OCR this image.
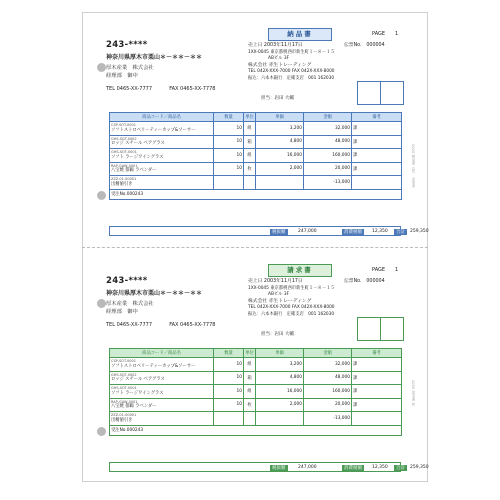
243-****
神奈川県厚木市栗山＊－＊＊－＊＊
厚木産業　株式会社
経理部　御中
TEL 0465-XX-7777	FAX 0465-XX-7778
納品書	PAGE　　1
売上日 2003年11月17日	伝票No.　000004
1XX-0045 東京都桃西市新生町１－８－１５
ABビル 3F
株式会社 赤生トレーディング
TEL 042X-XXX-7000 FAX 042X-XXX-8000
振込：六本木銀行　定確支店　001 162030
担当：岩田 大輔
商品コード／商品名	数量	単位	単価	金額	備考

CSP-SOT-0001
ソフトストロベリーティーカップ&ソーサー	10	組	3,200	32,000	課

GHS-SGT-0002
ロッジ スチール ベアグラス	10	箱	4,800	48,000	課

GHS-SOT-0001
ソフト ラージワイングラス	10	組	16,000	160,000	課

RAP-GAW-0001
八宝焼 都鶴 ラベンダー	10	枚	2,000	20,000	課

ZZZ-01-00001
出精値引き				-13,000	
受注No.000243					
税抜額	247,000	消費税額	12,350	合計	259,350
1000 納品書（控） 出荷済
243-****
神奈川県厚木市栗山＊－＊＊－＊＊
厚木産業　株式会社
経理部　御中
TEL 0465-XX-7777	FAX 0465-XX-7778
請求書	PAGE　　1
売上日 2003年11月17日	伝票No.　000004
1XX-0045 東京都桃西市新生町１－８－１５
ABビル 3F
株式会社 赤生トレーディング
TEL 042X-XXX-7000 FAX 042X-XXX-8000
振込：六本木銀行　定確支店　001 162030
担当：岩田 大輔
商品コード／商品名	数量	単位	単価	金額	備考

CSP-SOT-0001
ソフトストロベリーティーカップ&ソーサー	10	組	3,200	32,000	課

GHS-SGT-0002
ロッジ スチール ベアグラス	10	箱	4,800	48,000	課

GHS-SOT-0001
ソフト ラージワイングラス	10	組	16,000	160,000	課

RAP-GAW-0001
八宝焼 都鶴 ラベンダー	10	枚	2,000	20,000	課

ZZZ-01-00001
出精値引き				-13,000	
受注No.000243					
税抜額	247,000	消費税額	12,350	合計	259,350
1000 請求書 控
